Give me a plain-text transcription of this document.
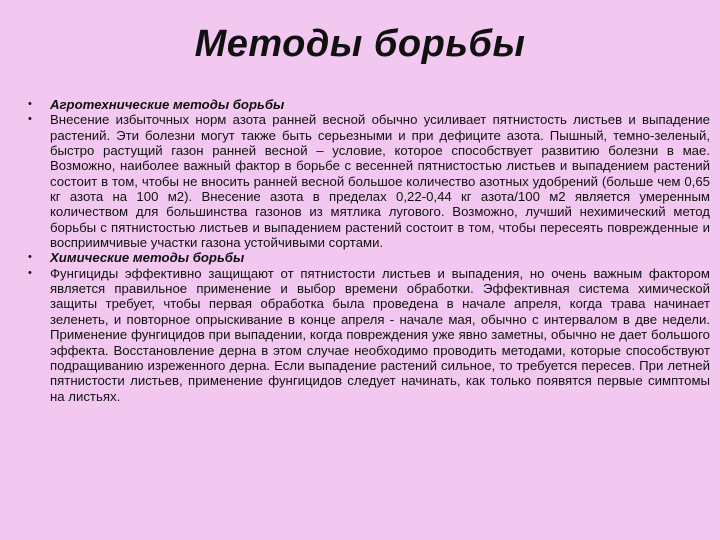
Методы борьбы
•	Агротехнические методы борьбы
•	Внесение избыточных норм азота ранней весной обычно усиливает пятнистость листьев и выпадение растений. Эти болезни могут также быть серьезными и при дефиците азота. Пышный, темно-зеленый, быстро растущий газон ранней весной – условие, которое способствует развитию болезни в мае. Возможно, наиболее важный фактор в борьбе с весенней пятнистостью листьев и выпадением растений состоит в том, чтобы не вносить ранней весной большое количество азотных удобрений (больше чем 0,65 кг азота на 100 м2). Внесение азота в пределах 0,22-0,44 кг азота/100 м2 является умеренным количеством для большинства газонов из мятлика лугового. Возможно, лучший нехимический метод борьбы с пятнистостью листьев и выпадением растений состоит в том, чтобы пересеять поврежденные и восприимчивые участки газона устойчивыми сортами.
•	Химические методы борьбы
•	Фунгициды эффективно защищают от пятнистости листьев и выпадения, но очень важным фактором является правильное применение и выбор времени обработки. Эффективная система химической защиты требует, чтобы первая обработка была проведена в начале апреля, когда трава начинает зеленеть, и повторное опрыскивание в конце апреля - начале мая, обычно с интервалом в две недели. Применение фунгицидов при выпадении, когда повреждения уже явно заметны, обычно не дает большого эффекта. Восстановление дерна в этом случае необходимо проводить методами, которые способствуют подращиванию изреженного дерна. Если выпадение растений сильное, то требуется пересев. При летней пятнистости листьев, применение фунгицидов следует начинать, как только появятся первые симптомы на листьях.
